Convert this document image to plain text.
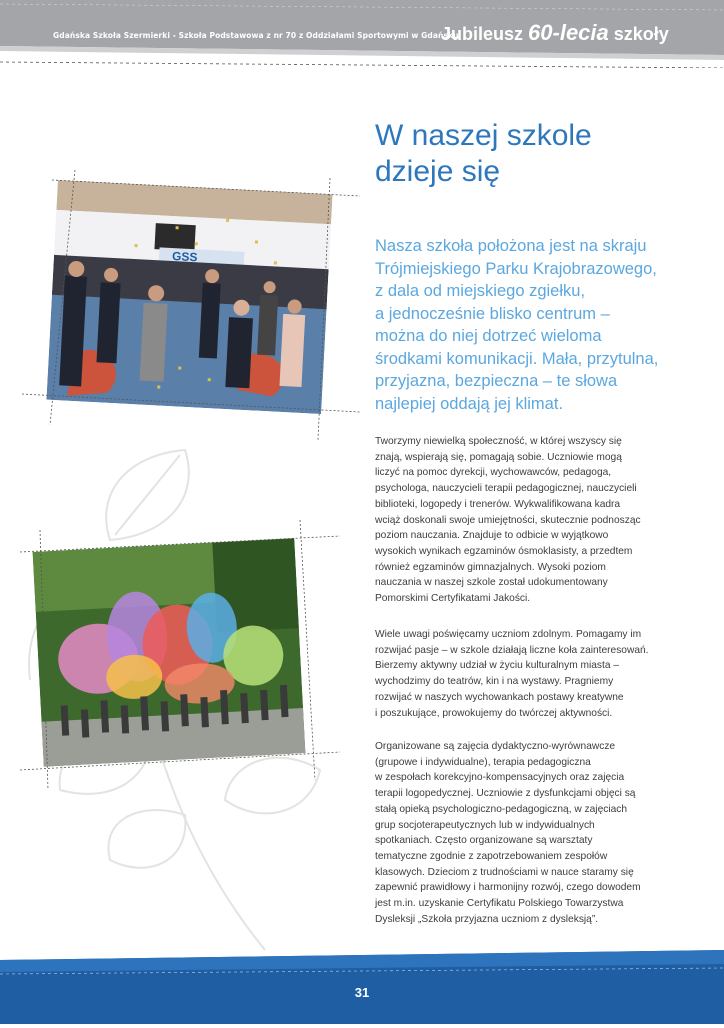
Gdańska Szkoła Szermierki - Szkoła Podstawowa z nr 70 z Oddziałami Sportowymi w Gdańsku
Jubileusz 60-lecia szkoły
GSS
W naszej szkole
dzieje się
Nasza szkoła położona jest na skraju
Trójmiejskiego Parku Krajobrazowego,
z dala od miejskiego zgiełku,
a jednocześnie blisko centrum –
można do niej dotrzeć wieloma
środkami komunikacji. Mała, przytulna,
przyjazna, bezpieczna – te słowa
najlepiej oddają jej klimat.
Tworzymy niewielką społeczność, w której wszyscy się
znają, wspierają się, pomagają sobie. Uczniowie mogą
liczyć na pomoc dyrekcji, wychowawców, pedagoga,
psychologa, nauczycieli terapii pedagogicznej, nauczycieli
biblioteki, logopedy i trenerów. Wykwalifikowana kadra
wciąż doskonali swoje umiejętności, skutecznie podnosząc
poziom nauczania. Znajduje to odbicie w wyjątkowo
wysokich wynikach egzaminów ósmoklasisty, a przedtem
również egzaminów gimnazjalnych. Wysoki poziom
nauczania w naszej szkole został udokumentowany
Pomorskimi Certyfikatami Jakości.
Wiele uwagi poświęcamy uczniom zdolnym. Pomagamy im
rozwijać pasje – w szkole działają liczne koła zainteresowań.
Bierzemy aktywny udział w życiu kulturalnym miasta –
wychodzimy do teatrów, kin i na wystawy. Pragniemy
rozwijać w naszych wychowankach postawy kreatywne
i poszukujące, prowokujemy do twórczej aktywności.
Organizowane są zajęcia dydaktyczno-wyrównawcze
(grupowe i indywidualne), terapia pedagogiczna
w zespołach korekcyjno-kompensacyjnych oraz zajęcia
terapii logopedycznej. Uczniowie z dysfunkcjami objęci są
stałą opieką psychologiczno-pedagogiczną, w zajęciach
grup socjoterapeutycznych lub w indywidualnych
spotkaniach. Często organizowane są warsztaty
tematyczne zgodnie z zapotrzebowaniem zespołów
klasowych. Dzieciom z trudnościami w nauce staramy się
zapewnić prawidłowy i harmonijny rozwój, czego dowodem
jest m.in. uzyskanie Certyfikatu Polskiego Towarzystwa
Dysleksji „Szkoła przyjazna uczniom z dysleksją”.
31
